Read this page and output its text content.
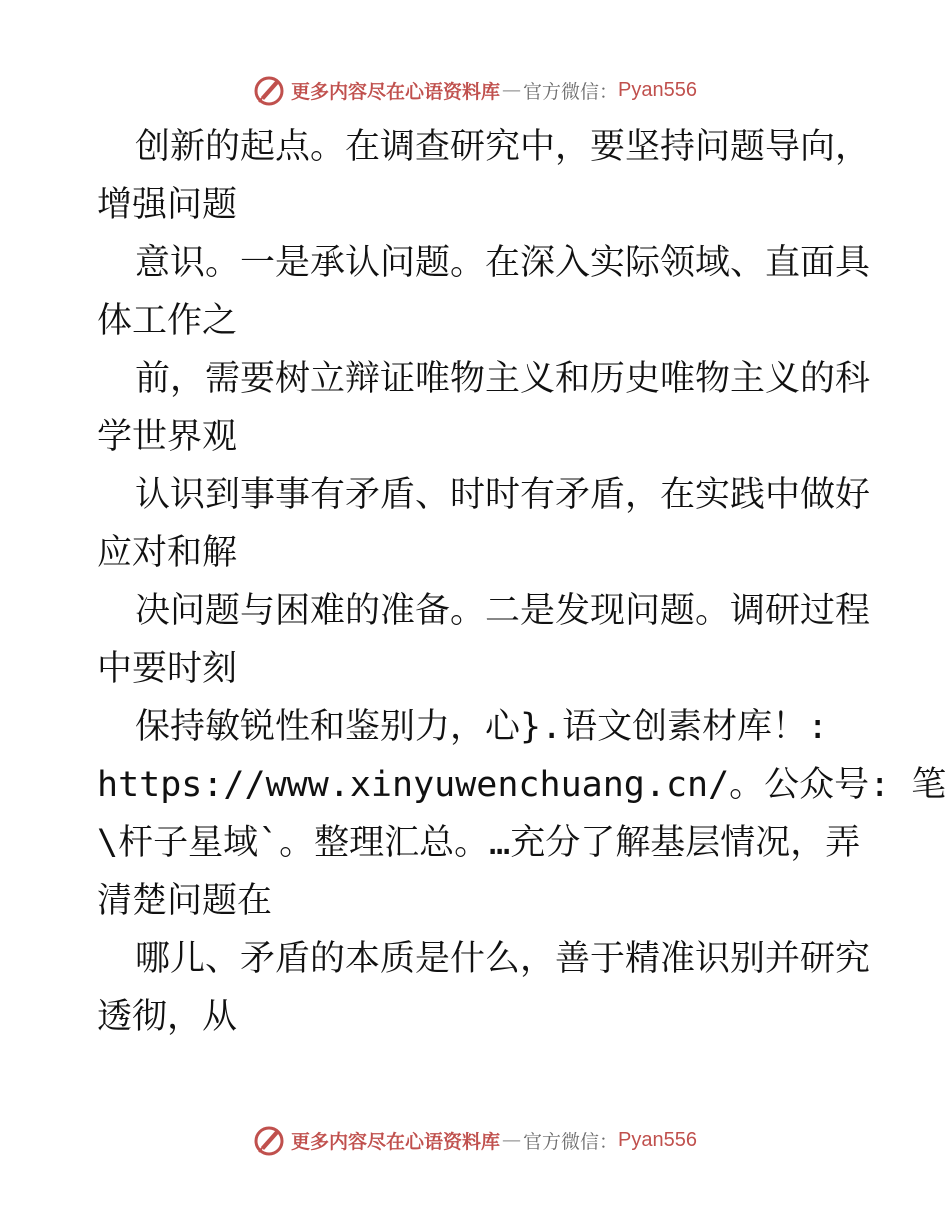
更多内容尽在心语资料库 — 官方微信： Pyan556
创新的起点。在调查研究中，要坚持问题导向，
增强问题
意识。一是承认问题。在深入实际领域、直面具
体工作之
前，需要树立辩证唯物主义和历史唯物主义的科
学世界观
认识到事事有矛盾、时时有矛盾，在实践中做好
应对和解
决问题与困难的准备。二是发现问题。调研过程
中要时刻
保持敏锐性和鉴别力，心}.语文创素材库！:
https://www.xinyuwenchuang.cn/。公众号: 笔
\杆子星域`。整理汇总。…充分了解基层情况，弄
清楚问题在
哪儿、矛盾的本质是什么，善于精准识别并研究
透彻，从
更多内容尽在心语资料库 — 官方微信： Pyan556
